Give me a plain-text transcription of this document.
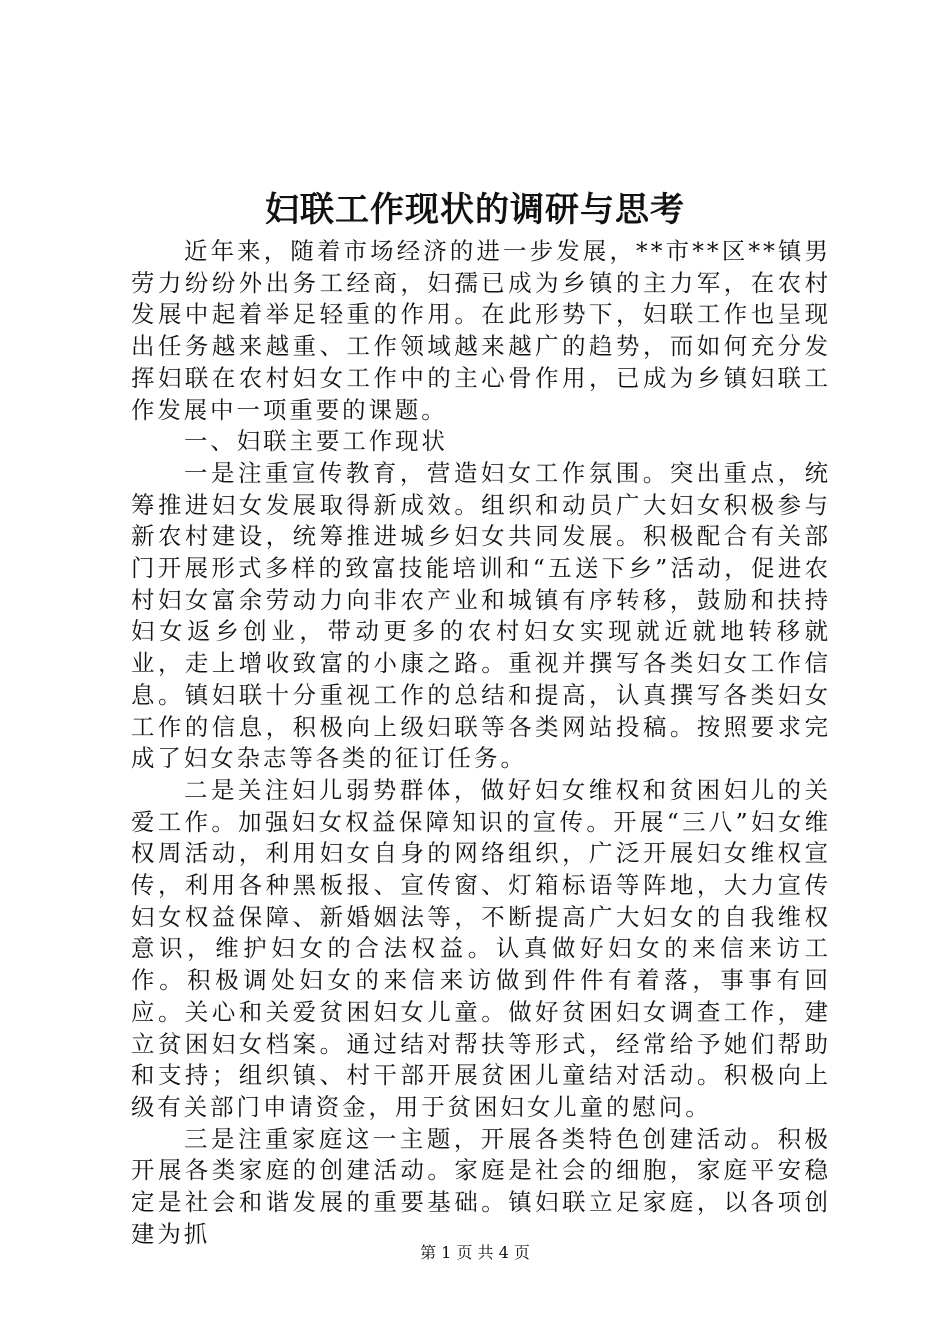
妇联工作现状的调研与思考

近年来，随着市场经济的进一步发展，**市**区**镇男劳力纷纷外出务工经商，妇孺已成为乡镇的主力军，在农村发展中起着举足轻重的作用。在此形势下，妇联工作也呈现出任务越来越重、工作领域越来越广的趋势，而如何充分发挥妇联在农村妇女工作中的主心骨作用，已成为乡镇妇联工作发展中一项重要的课题。

一、妇联主要工作现状

一是注重宣传教育，营造妇女工作氛围。突出重点，统筹推进妇女发展取得新成效。组织和动员广大妇女积极参与新农村建设，统筹推进城乡妇女共同发展。积极配合有关部门开展形式多样的致富技能培训和“五送下乡”活动，促进农村妇女富余劳动力向非农产业和城镇有序转移，鼓励和扶持妇女返乡创业，带动更多的农村妇女实现就近就地转移就业，走上增收致富的小康之路。重视并撰写各类妇女工作信息。镇妇联十分重视工作的总结和提高，认真撰写各类妇女工作的信息，积极向上级妇联等各类网站投稿。按照要求完成了妇女杂志等各类的征订任务。

二是关注妇儿弱势群体，做好妇女维权和贫困妇儿的关爱工作。加强妇女权益保障知识的宣传。开展“三八”妇女维权周活动，利用妇女自身的网络组织，广泛开展妇女维权宣传，利用各种黑板报、宣传窗、灯箱标语等阵地，大力宣传妇女权益保障、新婚姻法等，不断提高广大妇女的自我维权意识，维护妇女的合法权益。认真做好妇女的来信来访工作。积极调处妇女的来信来访做到件件有着落，事事有回应。关心和关爱贫困妇女儿童。做好贫困妇女调查工作，建立贫困妇女档案。通过结对帮扶等形式，经常给予她们帮助和支持；组织镇、村干部开展贫困儿童结对活动。积极向上级有关部门申请资金，用于贫困妇女儿童的慰问。

三是注重家庭这一主题，开展各类特色创建活动。积极开展各类家庭的创建活动。家庭是社会的细胞，家庭平安稳定是社会和谐发展的重要基础。镇妇联立足家庭，以各项创建为抓

第 1 页 共 4 页
